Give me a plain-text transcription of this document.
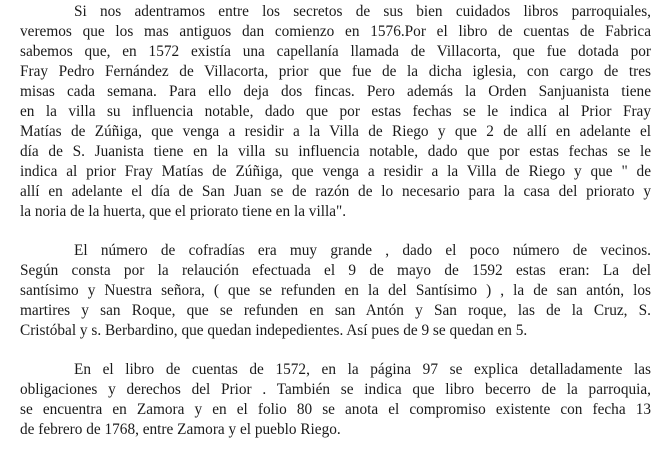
Si nos adentramos entre los secretos de sus bien cuidados libros parroquiales,
veremos que los mas antiguos dan comienzo en 1576.Por el libro de cuentas de Fabrica
sabemos que, en 1572 existía una capellanía llamada de Villacorta, que fue dotada por
Fray Pedro Fernández de Villacorta, prior que fue de la dicha iglesia, con cargo de tres
misas cada semana. Para ello deja dos fincas. Pero además la Orden Sanjuanista tiene
en la villa su influencia notable, dado que por estas fechas se le indica al Prior Fray
Matías de Zúñiga, que venga a residir a la Villa de Riego y que 2 de allí en adelante el
día de S. Juanista tiene en la villa su influencia notable, dado que por estas fechas se le
indica al prior Fray Matías de Zúñiga, que venga a residir a la Villa de Riego y que " de
allí en adelante el día de San Juan se de razón de lo necesario para la casa del priorato y
la noria de la huerta, que el priorato tiene en la villa".
El número de cofradías era muy grande , dado el poco número de vecinos.
Según consta por la relaución efectuada el 9 de mayo de 1592 estas eran: La del
santísimo y Nuestra señora, ( que se refunden en la del Santísimo ) , la de san antón, los
martires y san Roque, que se refunden en san Antón y San roque, las de la Cruz, S.
Cristóbal y s. Berbardino, que quedan indepedientes. Así pues de 9 se quedan en 5.
En el libro de cuentas de 1572, en la página 97 se explica detalladamente las
obligaciones y derechos del Prior . También se indica que libro becerro de la parroquia,
se encuentra en Zamora y en el folio 80 se anota el compromiso existente con fecha 13
de febrero de 1768, entre Zamora y el pueblo Riego.
